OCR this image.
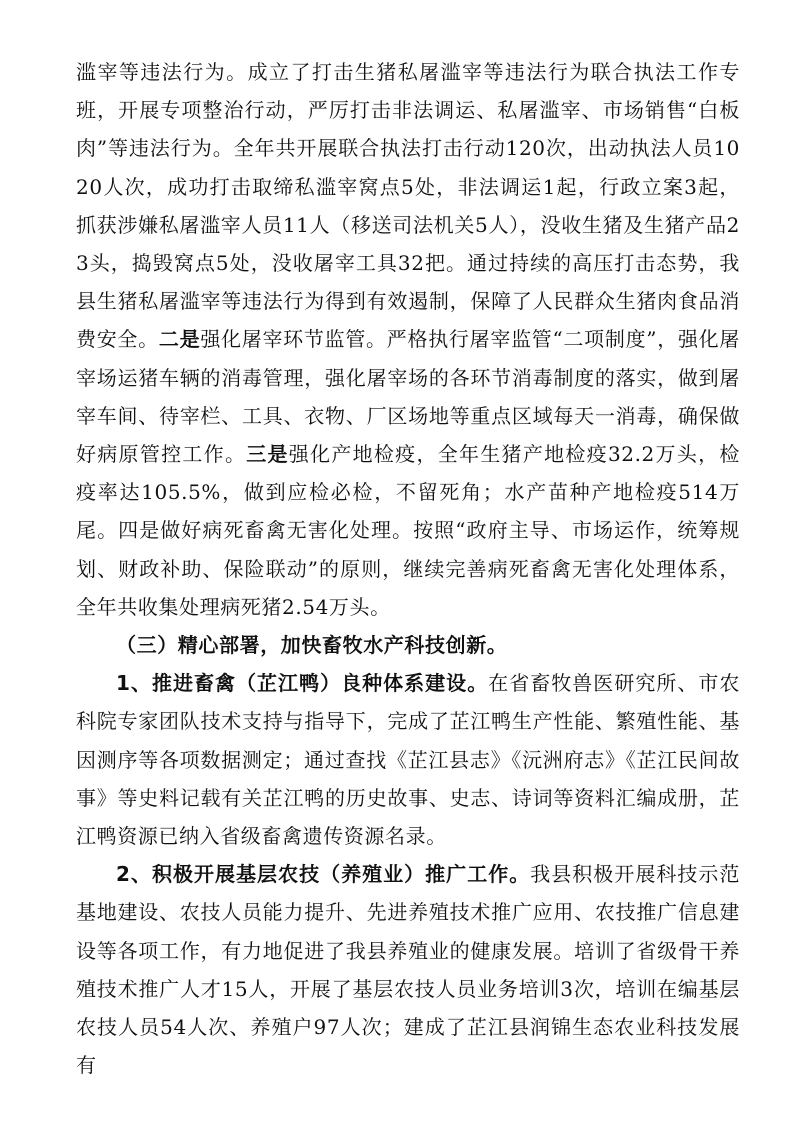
滥宰等违法行为。成立了打击生猪私屠滥宰等违法行为联合执法工作专班，开展专项整治行动，严厉打击非法调运、私屠滥宰、市场销售“白板肉”等违法行为。全年共开展联合执法打击行动120次，出动执法人员1020人次，成功打击取缔私滥宰窝点5处，非法调运1起，行政立案3起，抓获涉嫌私屠滥宰人员11人（移送司法机关5人），没收生猪及生猪产品23头，捣毁窝点5处，没收屠宰工具32把。通过持续的高压打击态势，我县生猪私屠滥宰等违法行为得到有效遏制，保障了人民群众生猪肉食品消费安全。二是强化屠宰环节监管。严格执行屠宰监管“二项制度”，强化屠宰场运猪车辆的消毒管理，强化屠宰场的各环节消毒制度的落实，做到屠宰车间、待宰栏、工具、衣物、厂区场地等重点区域每天一消毒，确保做好病原管控工作。三是强化产地检疫，全年生猪产地检疫32.2万头，检疫率达105.5%，做到应检必检，不留死角；水产苗种产地检疫514万尾。四是做好病死畜禽无害化处理。按照“政府主导、市场运作，统筹规划、财政补助、保险联动”的原则，继续完善病死畜禽无害化处理体系，全年共收集处理病死猪2.54万头。

（三）精心部署，加快畜牧水产科技创新。

1、推进畜禽（芷江鸭）良种体系建设。在省畜牧兽医研究所、市农科院专家团队技术支持与指导下，完成了芷江鸭生产性能、繁殖性能、基因测序等各项数据测定；通过查找《芷江县志》《沅洲府志》《芷江民间故事》等史料记载有关芷江鸭的历史故事、史志、诗词等资料汇编成册，芷江鸭资源已纳入省级畜禽遗传资源名录。

2、积极开展基层农技（养殖业）推广工作。我县积极开展科技示范基地建设、农技人员能力提升、先进养殖技术推广应用、农技推广信息建设等各项工作，有力地促进了我县养殖业的健康发展。培训了省级骨干养殖技术推广人才15人，开展了基层农技人员业务培训3次，培训在编基层农技人员54人次、养殖户97人次；建成了芷江县润锦生态农业科技发展有
